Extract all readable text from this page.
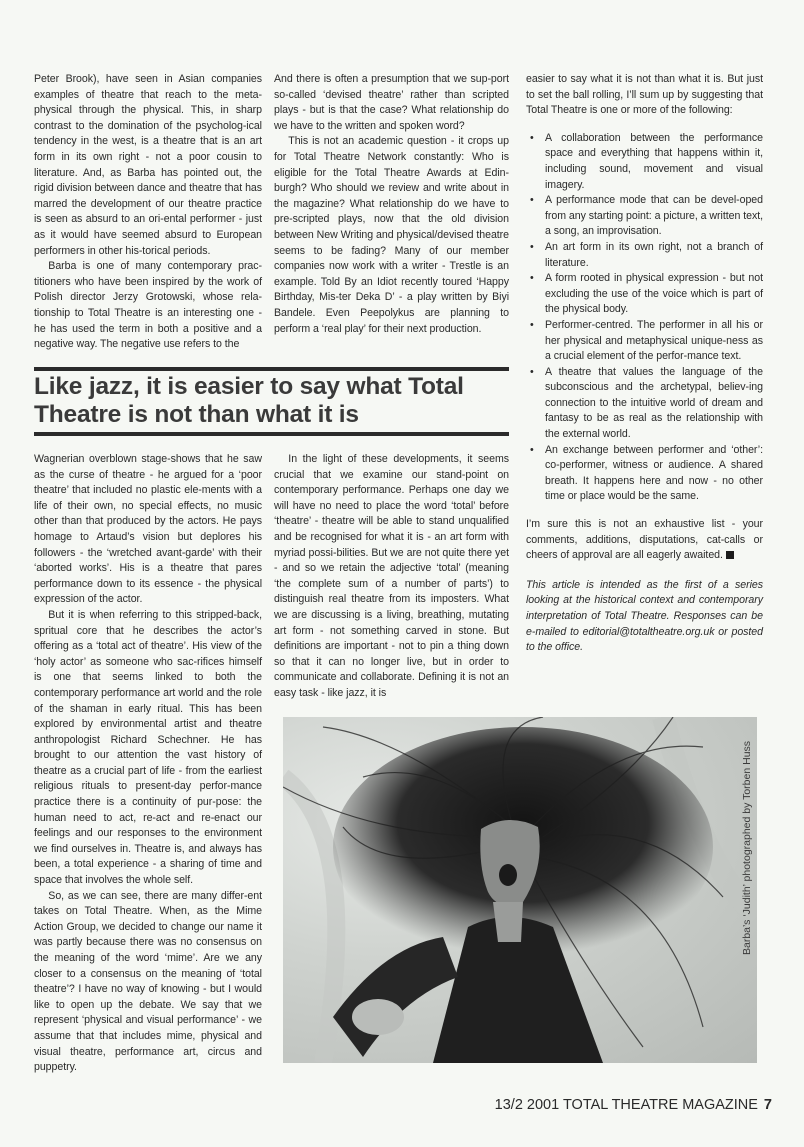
Peter Brook), have seen in Asian companies examples of theatre that reach to the meta-physical through the physical. This, in sharp contrast to the domination of the psycholog-ical tendency in the west, is a theatre that is an art form in its own right - not a poor cousin to literature. And, as Barba has pointed out, the rigid division between dance and theatre that has marred the development of our theatre practice is seen as absurd to an ori-ental performer - just as it would have seemed absurd to European performers in other his-torical periods.

Barba is one of many contemporary prac-titioners who have been inspired by the work of Polish director Jerzy Grotowski, whose rela-tionship to Total Theatre is an interesting one - he has used the term in both a positive and a negative way. The negative use refers to the

And there is often a presumption that we sup-port so-called ‘devised theatre’ rather than scripted plays - but is that the case? What relationship do we have to the written and spoken word?

This is not an academic question - it crops up for Total Theatre Network constantly: Who is eligible for the Total Theatre Awards at Edin-burgh? Who should we review and write about in the magazine? What relationship do we have to pre-scripted plays, now that the old division between New Writing and physical/devised theatre seems to be fading? Many of our member companies now work with a writer - Trestle is an example. Told By an Idiot recently toured ‘Happy Birthday, Mis-ter Deka D’ - a play written by Biyi Bandele. Even Peepolykus are planning to perform a ‘real play’ for their next production.

Like jazz, it is easier to say what Total Theatre is not than what it is

Wagnerian overblown stage-shows that he saw as the curse of theatre - he argued for a ‘poor theatre’ that included no plastic ele-ments with a life of their own, no special effects, no music other than that produced by the actors. He pays homage to Artaud’s vision but deplores his followers - the ‘wretched avant-garde’ with their ‘aborted works’. His is a theatre that pares performance down to its essence - the physical expression of the actor.

But it is when referring to this stripped-back, spritual core that he describes the actor’s offering as a ‘total act of theatre’. His view of the ‘holy actor’ as someone who sac-rifices himself is one that seems linked to both the contemporary performance art world and the role of the shaman in early ritual. This has been explored by environmental artist and theatre anthropologist Richard Schechner. He has brought to our attention the vast history of theatre as a crucial part of life - from the earliest religious rituals to present-day perfor-mance practice there is a continuity of pur-pose: the human need to act, re-act and re-enact our feelings and our responses to the environment we find ourselves in. Theatre is, and always has been, a total experience - a sharing of time and space that involves the whole self.

So, as we can see, there are many differ-ent takes on Total Theatre. When, as the Mime Action Group, we decided to change our name it was partly because there was no consensus on the meaning of the word ‘mime’. Are we any closer to a consensus on the meaning of ‘total theatre’? I have no way of knowing - but I would like to open up the debate. We say that we represent ‘physical and visual performance’ - we assume that that includes mime, physical and visual theatre, performance art, circus and puppetry.

In the light of these developments, it seems crucial that we examine our stand-point on contemporary performance. Perhaps one day we will have no need to place the word ‘total’ before ‘theatre’ - theatre will be able to stand unqualified and be recognised for what it is - an art form with myriad possi-bilities. But we are not quite there yet - and so we retain the adjective ‘total’ (meaning ‘the complete sum of a number of parts’) to distinguish real theatre from its imposters. What we are discussing is a living, breathing, mutating art form - not something carved in stone. But definitions are important - not to pin a thing down so that it can no longer live, but in order to communicate and collaborate. Defining it is not an easy task - like jazz, it is

easier to say what it is not than what it is. But just to set the ball rolling, I’ll sum up by suggesting that Total Theatre is one or more of the following:

• A collaboration between the performance space and everything that happens within it, including sound, movement and visual imagery.
• A performance mode that can be devel-oped from any starting point: a picture, a written text, a song, an improvisation.
• An art form in its own right, not a branch of literature.
• A form rooted in physical expression - but not excluding the use of the voice which is part of the physical body.
• Performer-centred. The performer in all his or her physical and metaphysical unique-ness as a crucial element of the perfor-mance text.
• A theatre that values the language of the subconscious and the archetypal, believ-ing connection to the intuitive world of dream and fantasy to be as real as the relationship with the external world.
• An exchange between performer and ‘other’: co-performer, witness or audience. A shared breath. It happens here and now - no other time or place would be the same.

I’m sure this is not an exhaustive list - your comments, additions, disputations, cat-calls or cheers of approval are all eagerly awaited.

This article is intended as the first of a series looking at the historical context and contemporary interpretation of Total Theatre. Responses can be e-mailed to editorial@totaltheatre.org.uk or posted to the office.

Barba’s ‘Judith’ photographed by Torben Huss
13/2 2001 TOTAL THEATRE MAGAZINE 7
